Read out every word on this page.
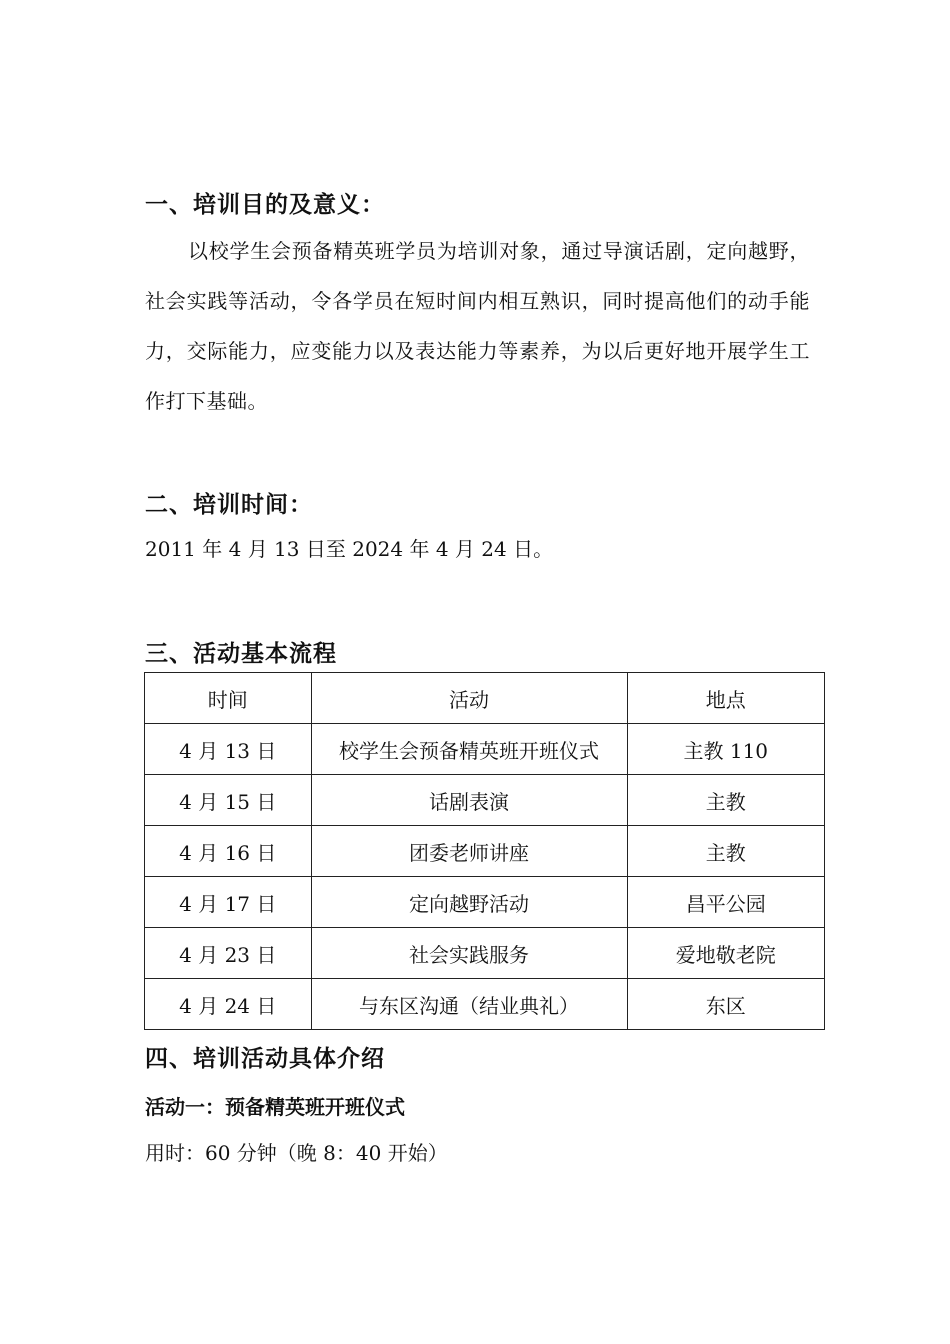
一、培训目的及意义：
以校学生会预备精英班学员为培训对象，通过导演话剧，定向越野，社会实践等活动，令各学员在短时间内相互熟识，同时提高他们的动手能力，交际能力，应变能力以及表达能力等素养，为以后更好地开展学生工作打下基础。
二、培训时间：
2011 年 4 月 13 日至 2024 年 4 月 24 日。
三、活动基本流程
时间	活动	地点
4 月 13 日	校学生会预备精英班开班仪式	主教 110
4 月 15 日	话剧表演	主教
4 月 16 日	团委老师讲座	主教
4 月 17 日	定向越野活动	昌平公园
4 月 23 日	社会实践服务	爱地敬老院
4 月 24 日	与东区沟通（结业典礼）	东区
四、培训活动具体介绍
活动一：预备精英班开班仪式
用时：60 分钟（晚 8：40 开始）
